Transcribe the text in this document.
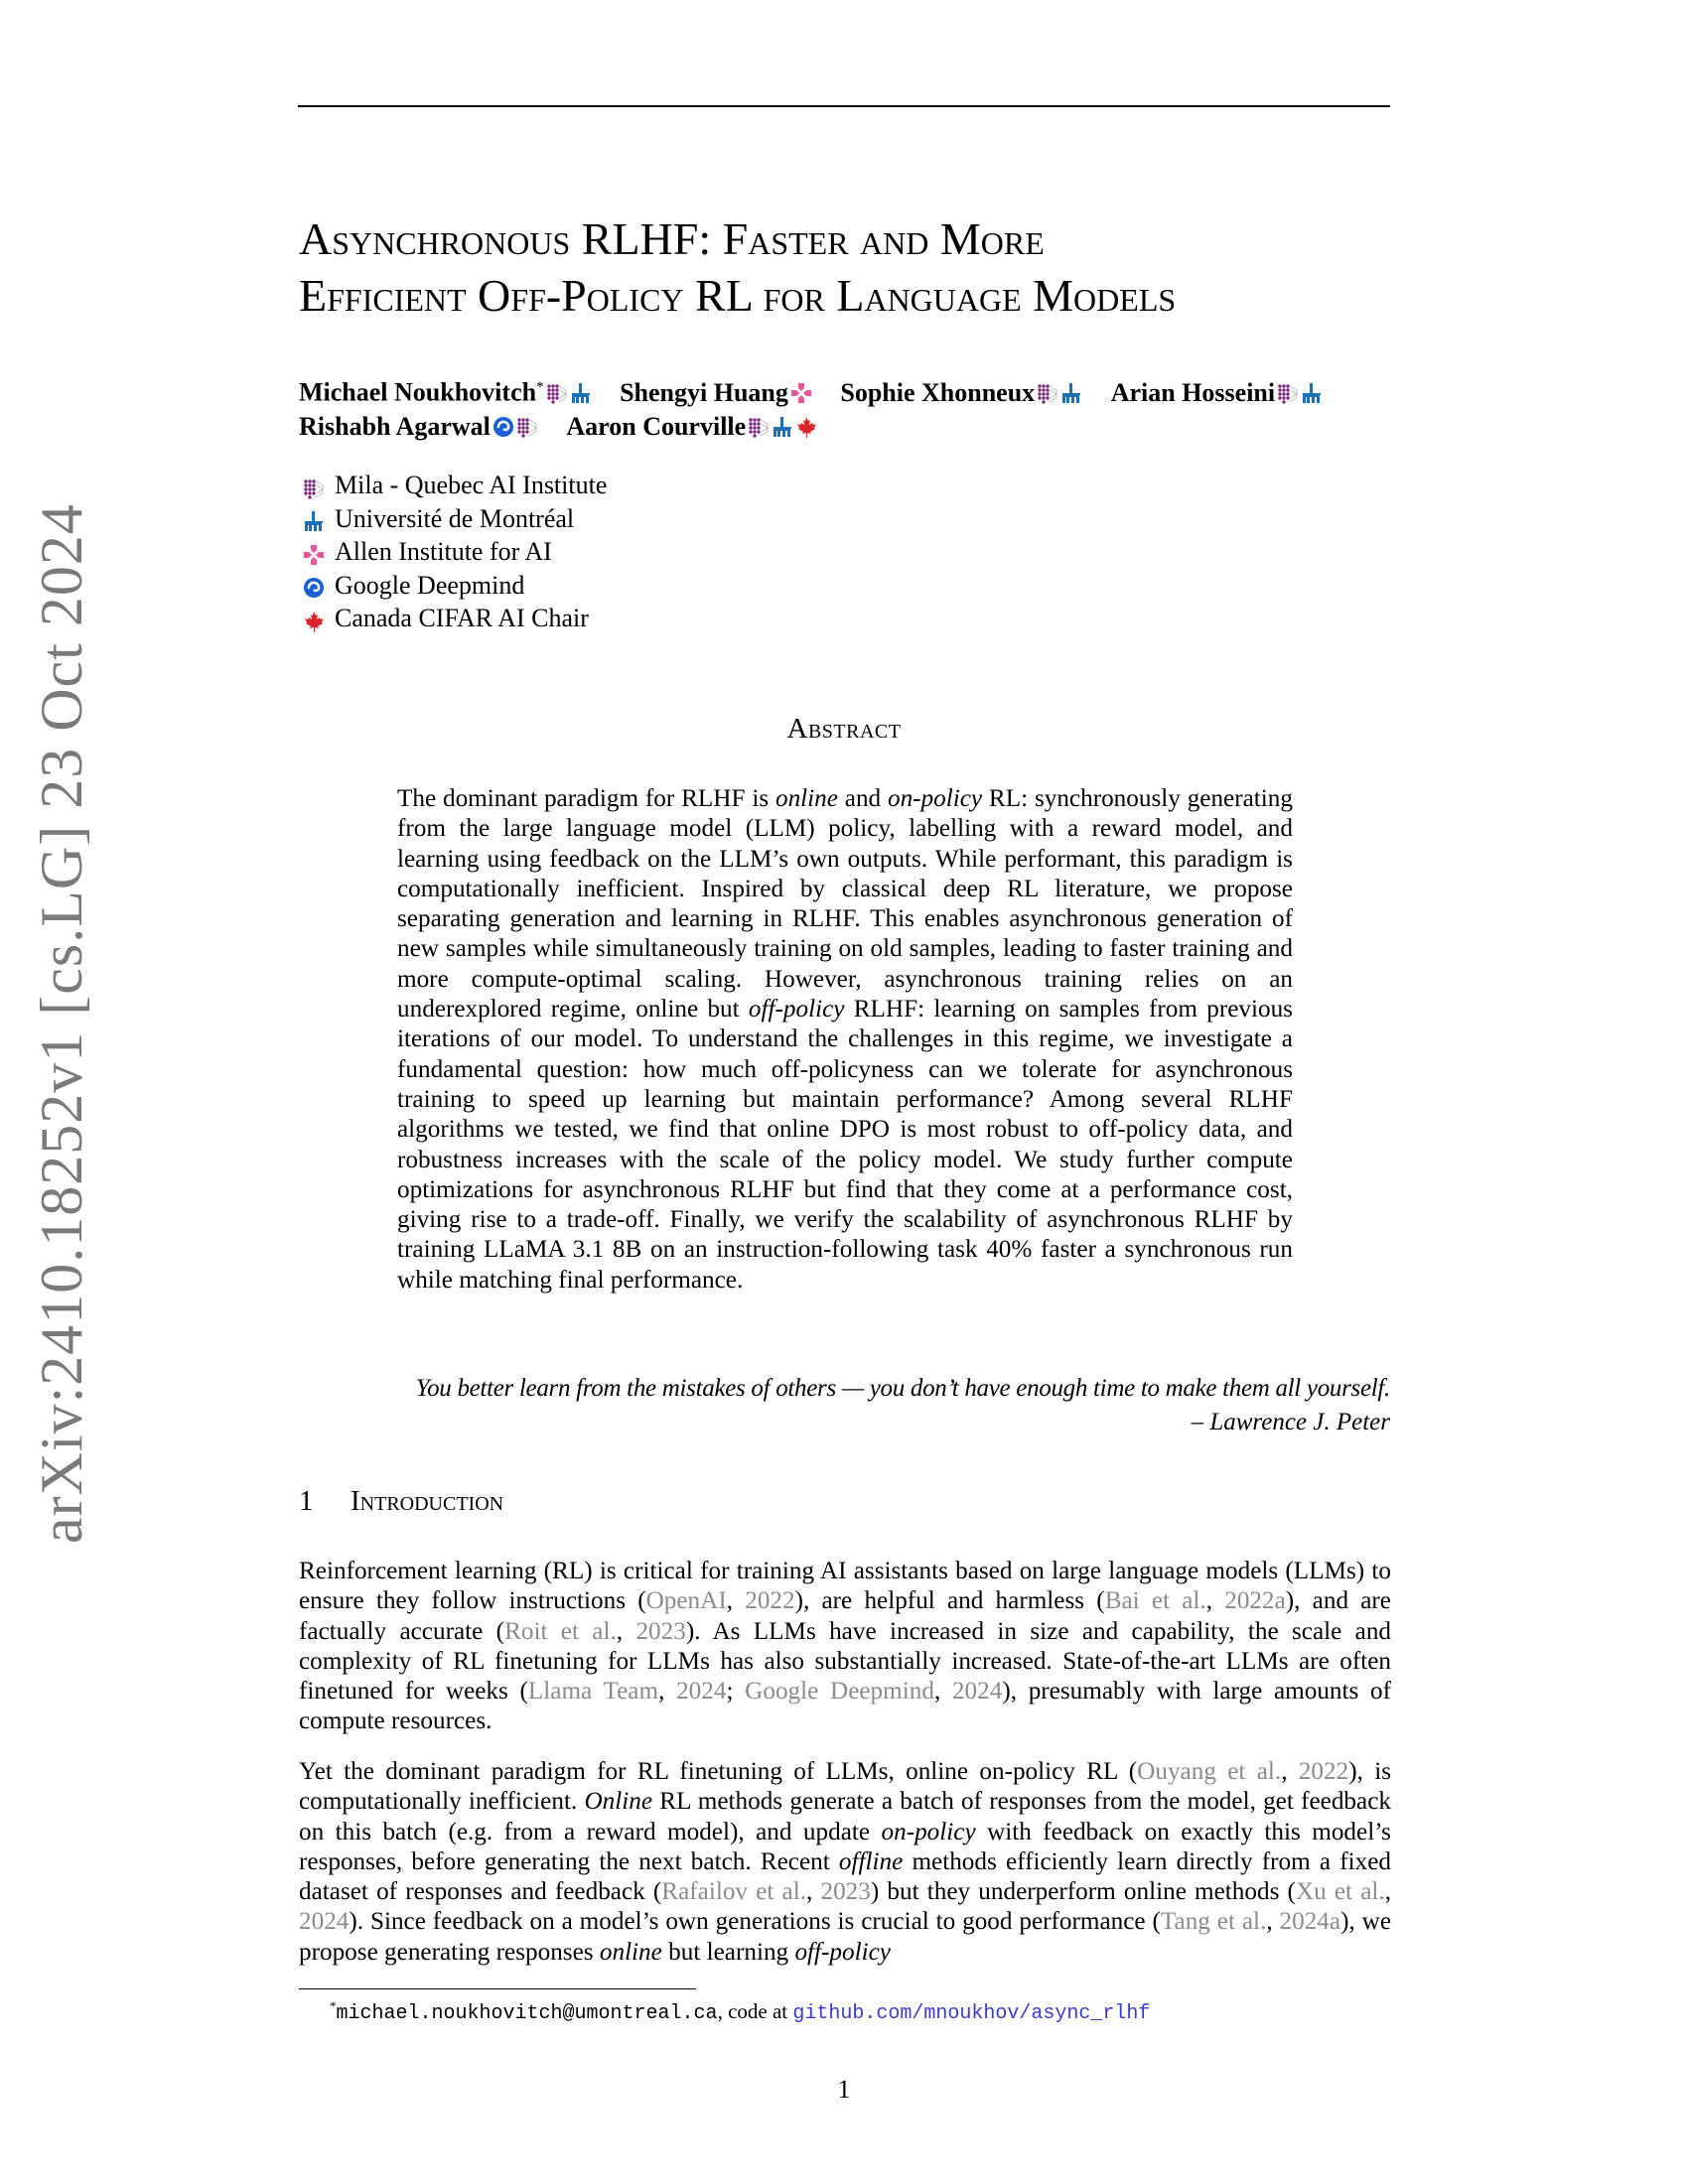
arXiv:2410.18252v1 [cs.LG] 23 Oct 2024
Asynchronous RLHF: Faster and More
Efficient Off-Policy RL for Language Models
Michael Noukhovitch*	Shengyi Huang Sophie Xhonneux	Arian Hosseini
Rishabh Agarwal	Aaron Courville
Mila - Quebec AI Institute
Université de Montréal
Allen Institute for AI
Google Deepmind
Canada CIFAR AI Chair
Abstract
The dominant paradigm for RLHF is online and on-policy RL: synchronously generating from the large language model (LLM) policy, labelling with a reward model, and learning using feedback on the LLM’s own outputs. While performant, this paradigm is computationally inefficient. Inspired by classical deep RL literature, we propose separating generation and learning in RLHF. This enables asynchronous generation of new samples while simultaneously training on old samples, leading to faster training and more compute-optimal scaling. However, asynchronous training relies on an underexplored regime, online but off-policy RLHF: learning on samples from previous iterations of our model. To understand the challenges in this regime, we investigate a fundamental question: how much off-policyness can we tolerate for asynchronous training to speed up learning but maintain performance? Among several RLHF algorithms we tested, we find that online DPO is most robust to off-policy data, and robustness increases with the scale of the policy model. We study further compute optimizations for asynchronous RLHF but find that they come at a performance cost, giving rise to a trade-off. Finally, we verify the scalability of asynchronous RLHF by training LLaMA 3.1 8B on an instruction-following task 40% faster a synchronous run while matching final performance.
You better learn from the mistakes of others — you don’t have enough time to make them all yourself.
– Lawrence J. Peter
1 Introduction
Reinforcement learning (RL) is critical for training AI assistants based on large language models (LLMs) to ensure they follow instructions (OpenAI, 2022), are helpful and harmless (Bai et al., 2022a), and are factually accurate (Roit et al., 2023). As LLMs have increased in size and capability, the scale and complexity of RL finetuning for LLMs has also substantially increased. State-of-the-art LLMs are often finetuned for weeks (Llama Team, 2024; Google Deepmind, 2024), presumably with large amounts of compute resources.
Yet the dominant paradigm for RL finetuning of LLMs, online on-policy RL (Ouyang et al., 2022), is computationally inefficient. Online RL methods generate a batch of responses from the model, get feedback on this batch (e.g. from a reward model), and update on-policy with feedback on exactly this model’s responses, before generating the next batch. Recent offline methods efficiently learn directly from a fixed dataset of responses and feedback (Rafailov et al., 2023) but they underperform online methods (Xu et al., 2024). Since feedback on a model’s own generations is crucial to good performance (Tang et al., 2024a), we propose generating responses online but learning off-policy
*michael.noukhovitch@umontreal.ca, code at github.com/mnoukhov/async_rlhf
1
